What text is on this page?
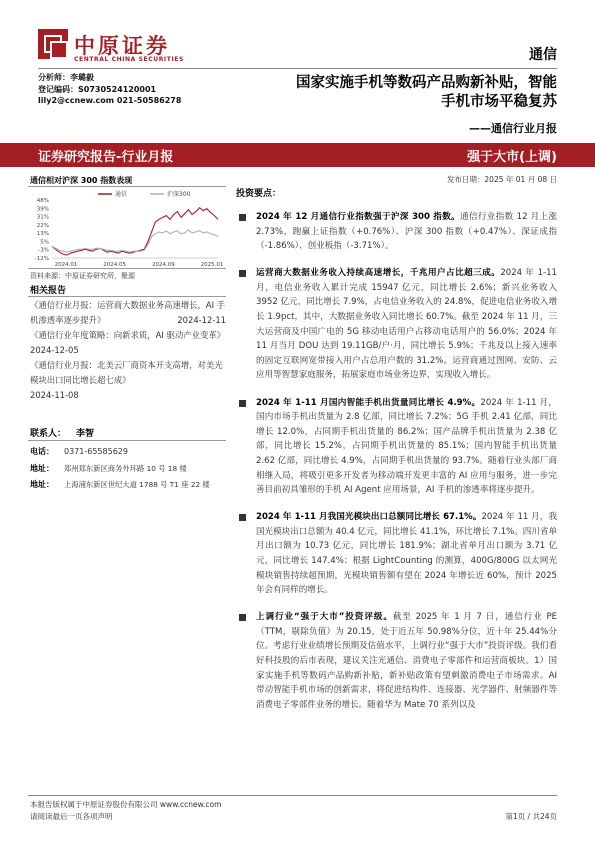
中原证券
CENTRAL CHINA SECURITIES	通信
分析师：李璐毅
登记编码：S0730524120001
lily2@ccnew.com 021-50586278
国家实施手机等数码产品购新补贴，智能
手机市场平稳复苏
——通信行业月报
证券研究报告-行业月报	强于大市(上调)
通信相对沪深 300 指数表现	发布日期：2025 年 01 月 08 日
48%
39%
31%
22%
13%
5%
-3%
-12%
2024.01	2024.05	2024.09	2025.01
通信	沪深300
资料来源：中原证券研究所，聚源
相关报告

《通信行业月报：运营商大数据业务高速增长，AI 手机渗透率逐步提升》	2024-12-11

《通信行业年度策略：向新求质，AI 驱动产业变革》

2024-12-05

《通信行业月报：北美云厂商资本开支高增，对美光模块出口同比增长超七成》

2024-11-08

联系人： 李智
电话： 0371-65585629
地址： 郑州郑东新区商务外环路 10 号 18 楼
地址： 上海浦东新区世纪大道 1788 号 T1 座 22 楼
投资要点：
2024 年 12 月通信行业指数强于沪深 300 指数。通信行业指数 12 月上涨 2.73%，跑赢上证指数（+0.76%）、沪深 300 指数（+0.47%）、深证成指（-1.86%）、创业板指（-3.71%）。
运营商大数据业务收入持续高速增长，千兆用户占比超三成。2024 年 1-11 月，电信业务收入累计完成 15947 亿元，同比增长 2.6%；新兴业务收入 3952 亿元，同比增长 7.9%，占电信业务收入的 24.8%，促进电信业务收入增长 1.9pct，其中，大数据业务收入同比增长 60.7%。截至 2024 年 11 月，三大运营商及中国广电的 5G 移动电话用户占移动电话用户的 56.0%；2024 年 11 月当月 DOU 达到 19.11GB/户·月，同比增长 5.9%；千兆及以上接入速率的固定互联网宽带接入用户占总用户数的 31.2%。运营商通过图网、安防、云应用等智慧家庭服务，拓展家庭市场业务边界，实现收入增长。
2024 年 1-11 月国内智能手机出货量同比增长 4.9%。2024 年 1-11 月，国内市场手机出货量为 2.8 亿部，同比增长 7.2%；5G 手机 2.41 亿部，同比增长 12.0%，占同期手机出货量的 86.2%；国产品牌手机出货量为 2.38 亿部，同比增长 15.2%，占同期手机出货量的 85.1%；国内智能手机出货量 2.62 亿部，同比增长 4.9%，占同期手机出货量的 93.7%。随着行业头部厂商相继入局，将吸引更多开发者为移动端开发更丰富的 AI 应用与服务，进一步完善目前初具雏形的手机 AI Agent 应用场景，AI 手机的渗透率将逐步提升。
2024 年 1-11 月我国光模块出口总额同比增长 67.1%。2024 年 11 月，我国光模块出口总额为 40.4 亿元，同比增长 41.1%，环比增长 7.1%。四川省单月出口额为 10.73 亿元，同比增长 181.9%；湖北省单月出口额为 3.71 亿元，同比增长 147.4%；根据 LightCounting 的测算，400G/800G 以太网光模块销售持续超预期，光模块销售额有望在 2024 年增长近 60%，预计 2025 年会有同样的增长。
上调行业“强于大市”投资评级。截至 2025 年 1 月 7 日，通信行业 PE（TTM，剔除负值）为 20.15，处于近五年 50.98%分位，近十年 25.44%分位。考虑行业业绩增长预期及估值水平，上调行业“强于大市”投资评级。我们看好科技股的后市表现，建议关注光通信、消费电子零部件和运营商板块。1）国家实施手机等数码产品购新补贴，新补贴政策有望刺激消费电子市场需求。AI 带动智能手机市场的创新需求，将促进结构件、连接器、光学器件、射频器件等消费电子零部件业务的增长。随着华为 Mate 70 系列以及
本报告版权属于中原证券股份有限公司 www.ccnew.com
请阅读最后一页各项声明	第1页 / 共24页
